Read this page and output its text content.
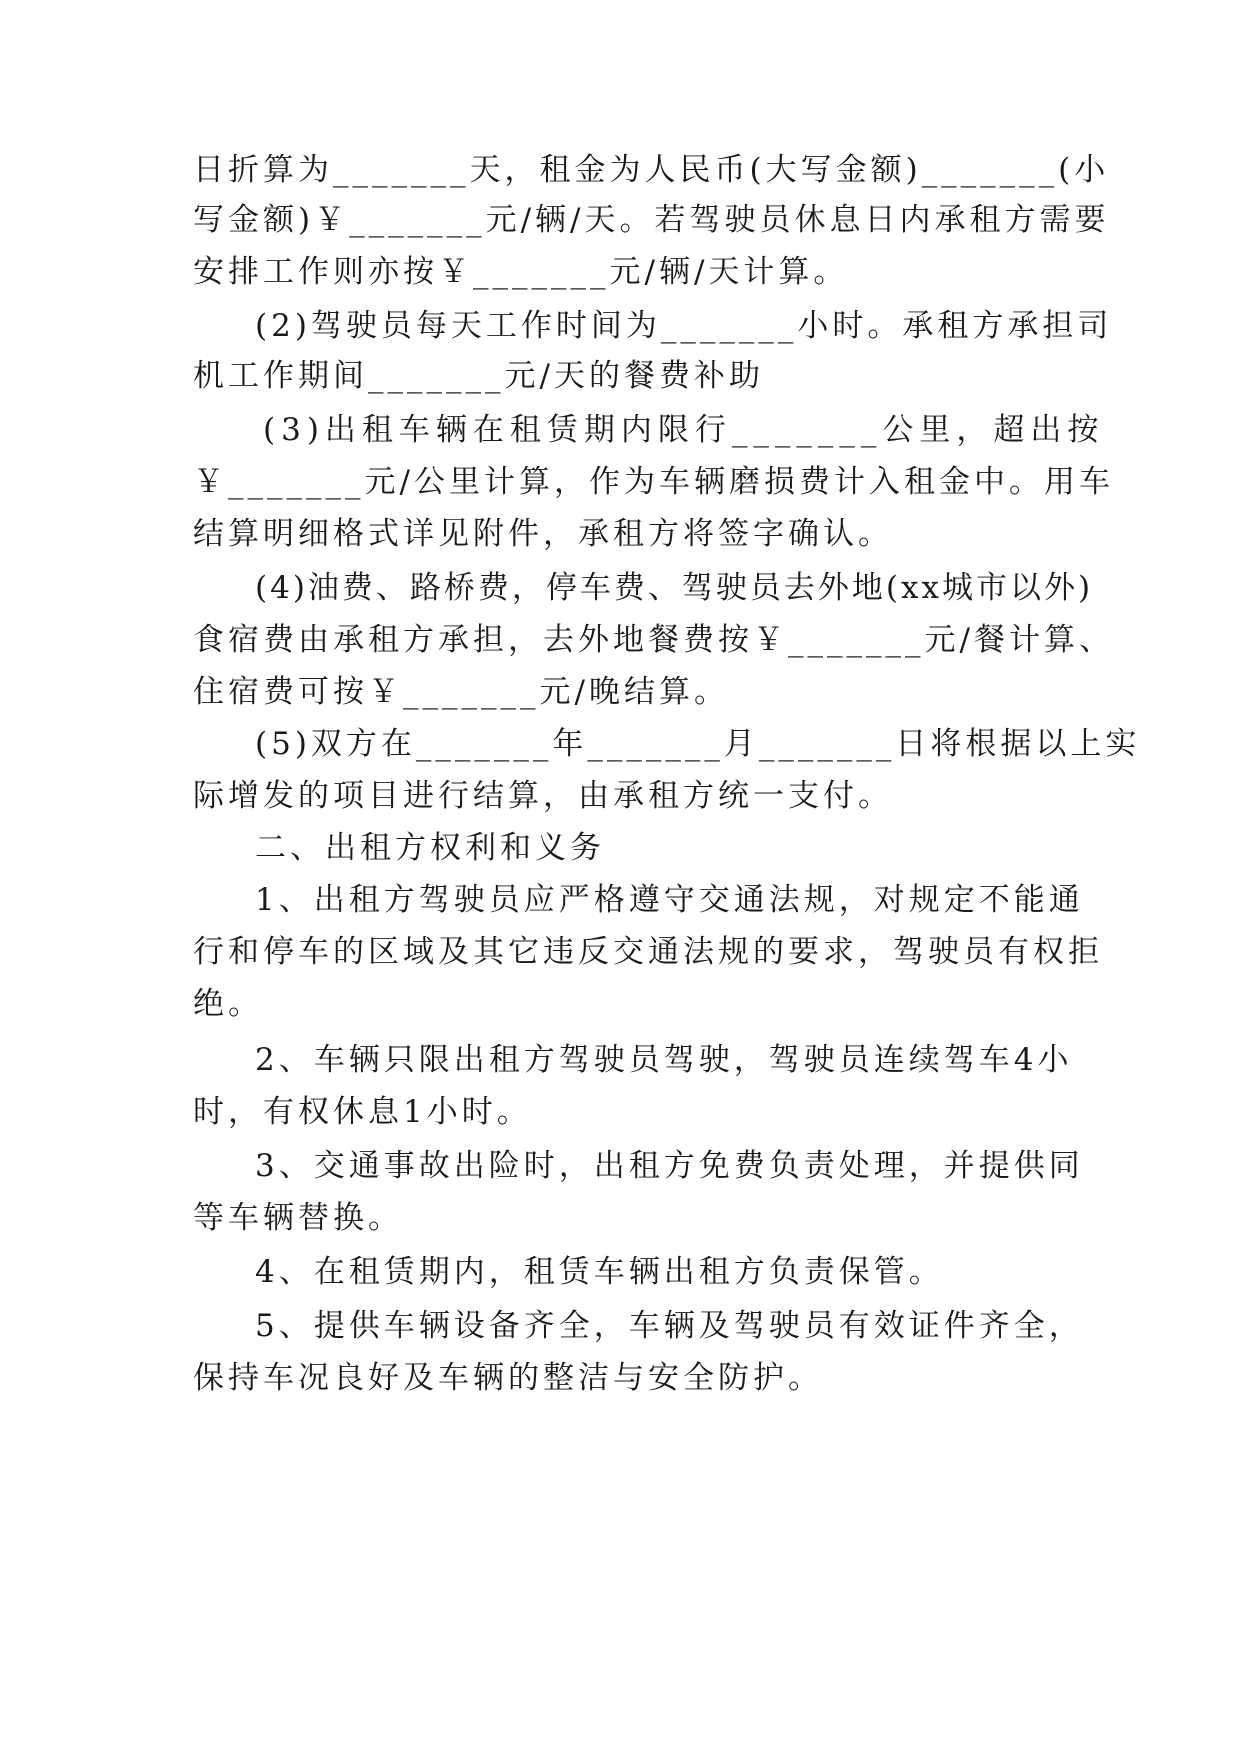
日折算为_______天，租金为人民币(大写金额)_______(小
写金额)￥_______元/辆/天。若驾驶员休息日内承租方需要
安排工作则亦按￥_______元/辆/天计算。
(2)驾驶员每天工作时间为_______小时。承租方承担司
机工作期间_______元/天的餐费补助
(3)出租车辆在租赁期内限行_______公里，超出按
￥_______元/公里计算，作为车辆磨损费计入租金中。用车
结算明细格式详见附件，承租方将签字确认。
(4)油费、路桥费，停车费、驾驶员去外地(xx城市以外)
食宿费由承租方承担，去外地餐费按￥_______元/餐计算、
住宿费可按￥_______元/晚结算。
(5)双方在_______年_______月_______日将根据以上实
际增发的项目进行结算，由承租方统一支付。
二、出租方权利和义务
1、出租方驾驶员应严格遵守交通法规，对规定不能通
行和停车的区域及其它违反交通法规的要求，驾驶员有权拒
绝。
2、车辆只限出租方驾驶员驾驶，驾驶员连续驾车4小
时，有权休息1小时。
3、交通事故出险时，出租方免费负责处理，并提供同
等车辆替换。
4、在租赁期内，租赁车辆出租方负责保管。
5、提供车辆设备齐全，车辆及驾驶员有效证件齐全，
保持车况良好及车辆的整洁与安全防护。
